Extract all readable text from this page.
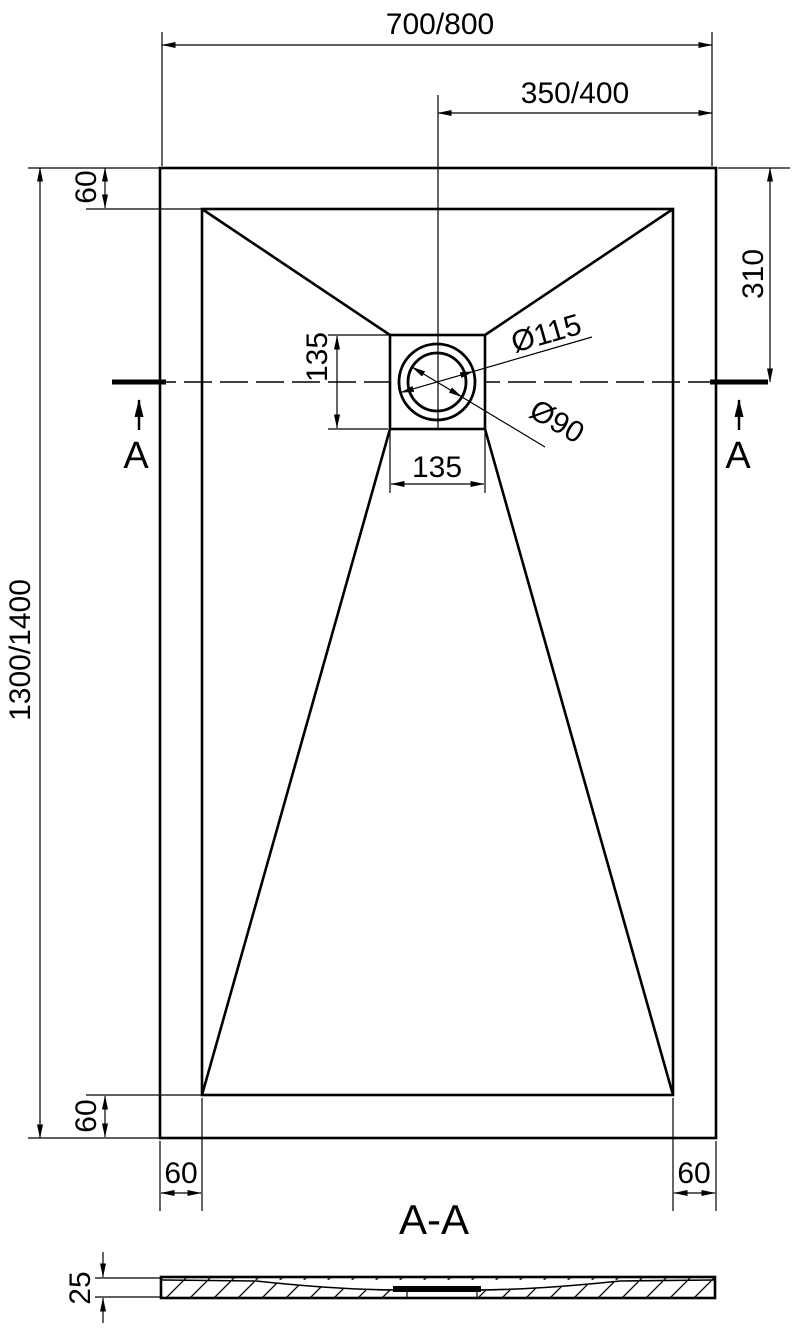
700/800
350/400
1300/1400
60
60
310
135
135
Ø115
Ø90
60	60
A	A
A-A
25
